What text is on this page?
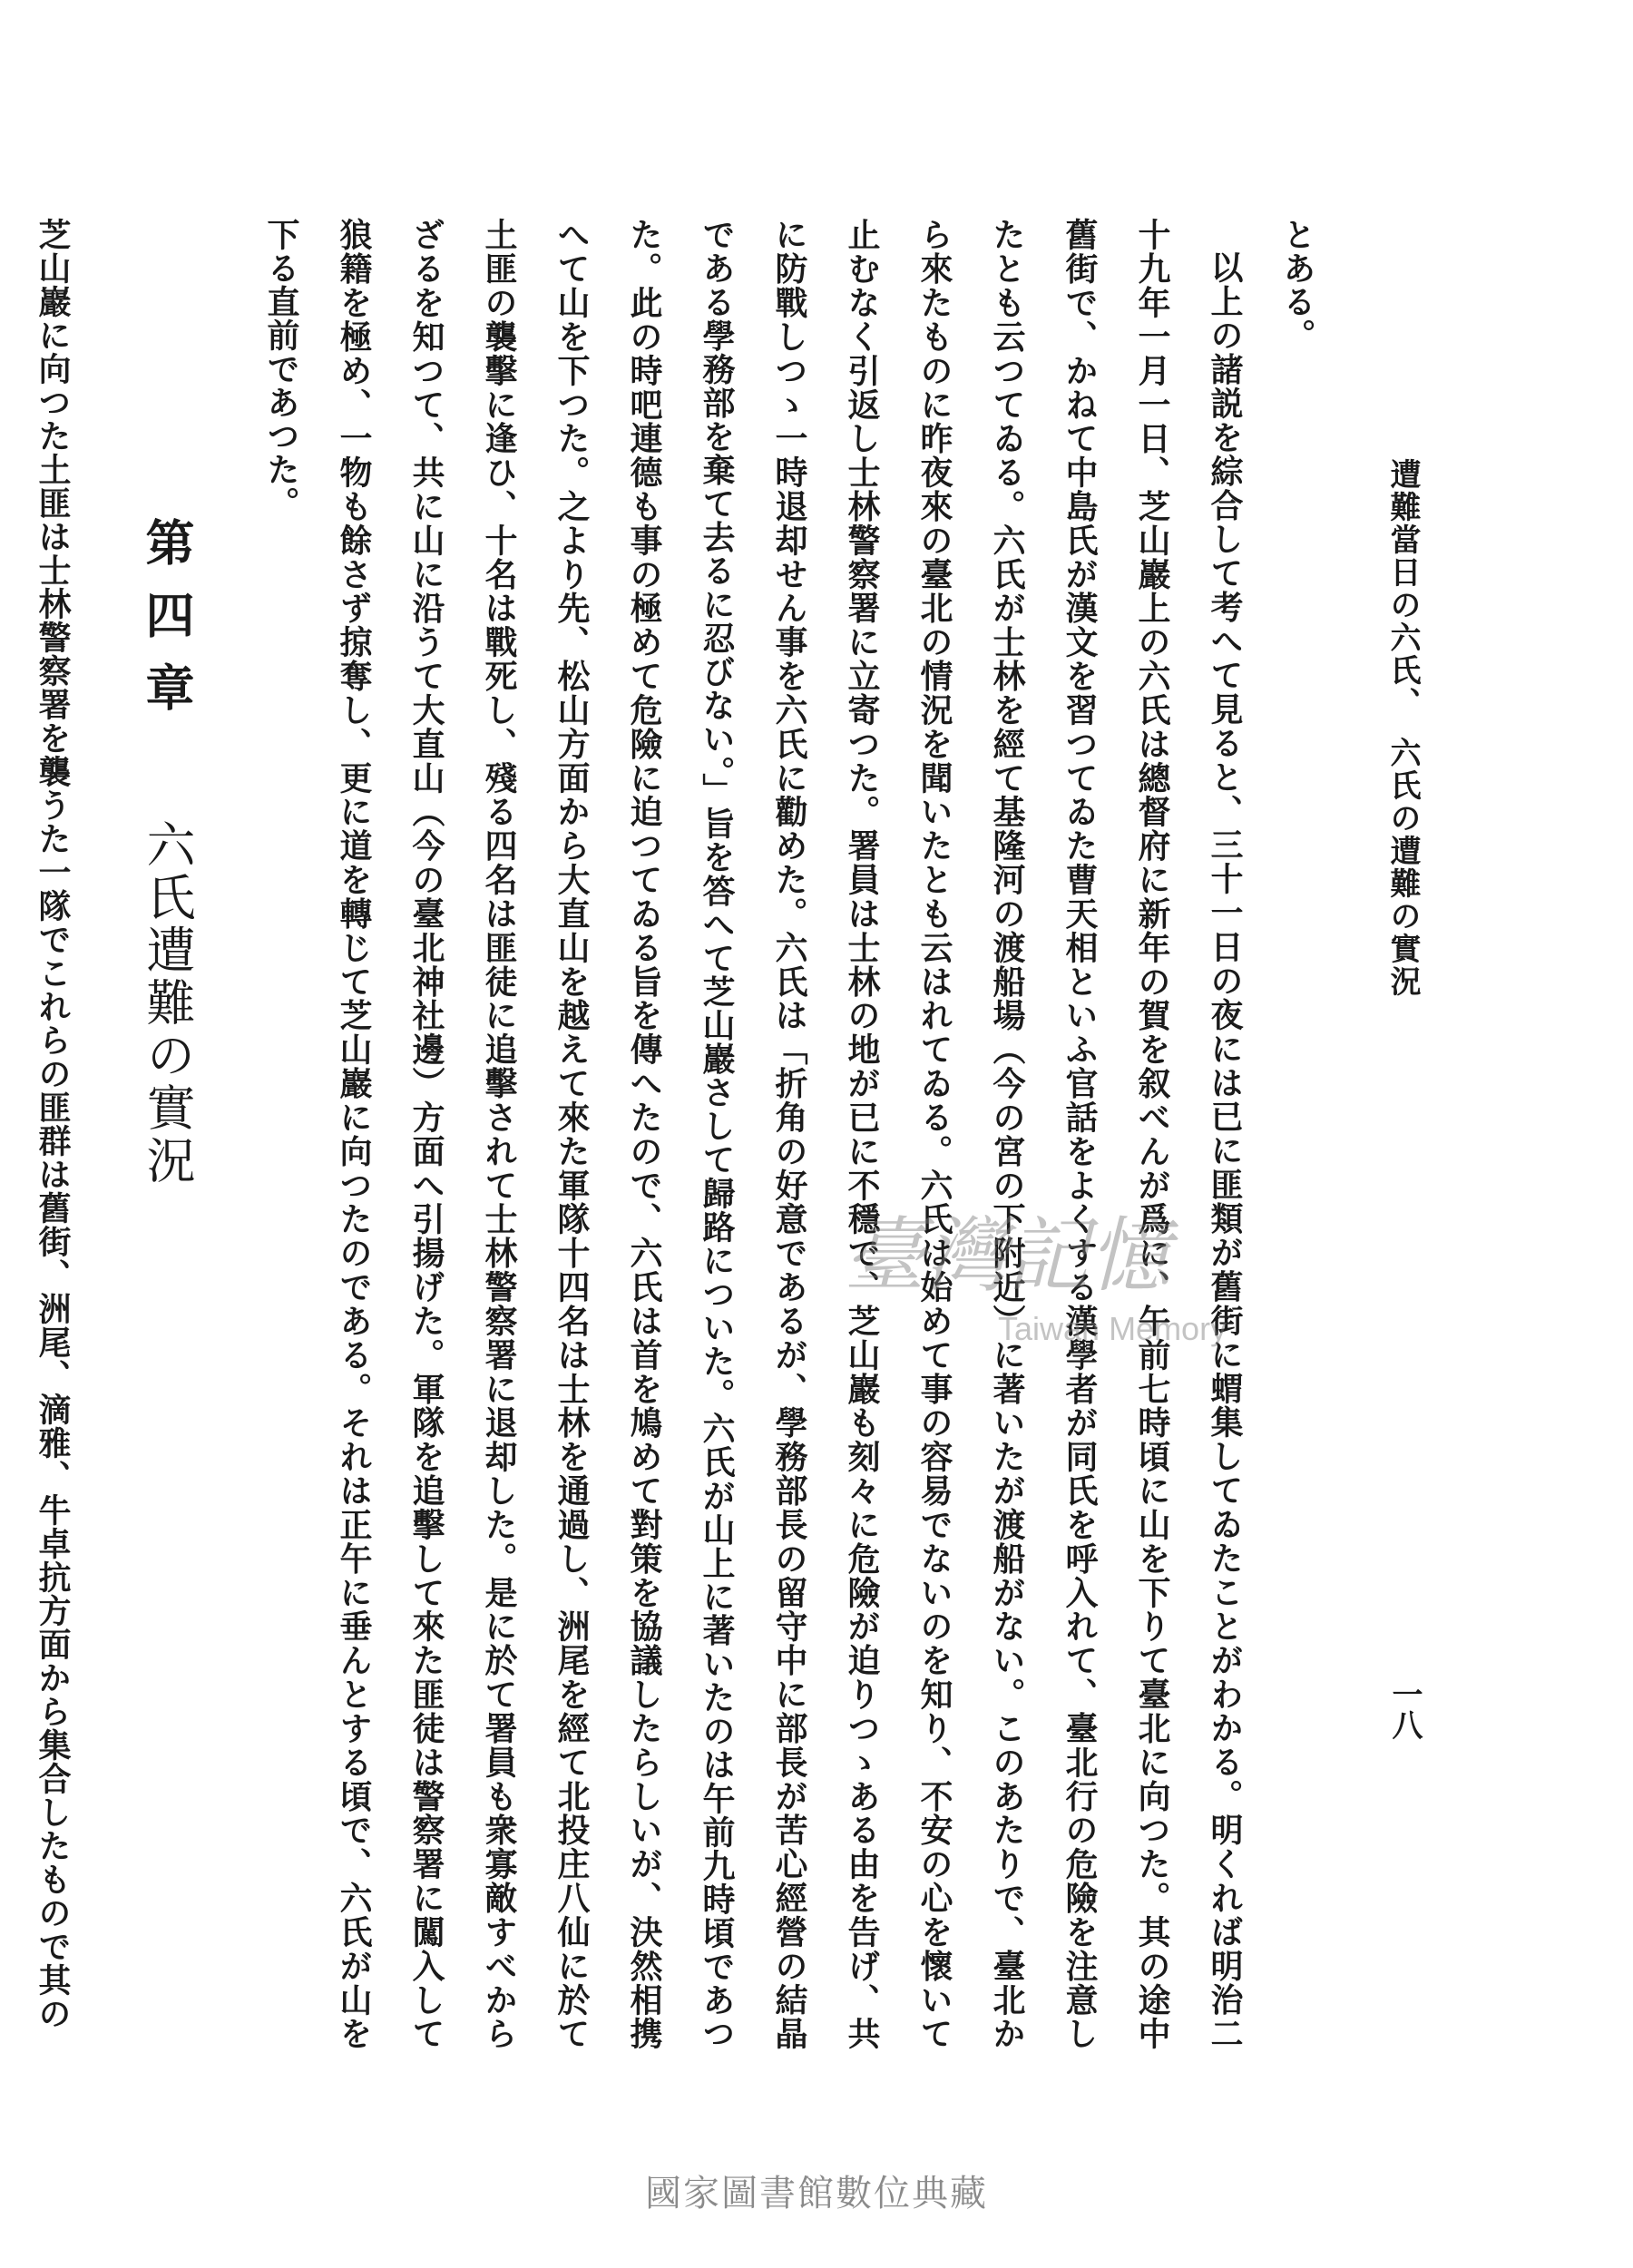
遭難當日の六氏、　六氏の遭難の實況
一八

とある。

以上の諸説を綜合して考へて見ると、三十一日の夜には已に匪類が舊街に蝟集してゐたことがわかる。明くれば明治二十九年一月一日、芝山巖上の六氏は總督府に新年の賀を叙べんが爲に、午前七時頃に山を下りて臺北に向つた。其の途中舊街で、かねて中島氏が漢文を習つてゐた曹天相といふ官話をよくする漢學者が同氏を呼入れて、臺北行の危險を注意したとも云つてゐる。六氏が士林を經て基隆河の渡船場（今の宮の下附近）に著いたが渡船がない。このあたりで、臺北から來たものに昨夜來の臺北の情況を聞いたとも云はれてゐる。六氏は始めて事の容易でないのを知り、不安の心を懷いて止むなく引返し士林警察署に立寄つた。署員は士林の地が已に不穩で、芝山巖も刻々に危險が迫りつゝある由を告げ、共に防戰しつゝ一時退却せん事を六氏に勸めた。六氏は「折角の好意であるが、學務部長の留守中に部長が苦心經營の結晶である學務部を棄て去るに忍びない。」旨を答へて芝山巖さして歸路についた。六氏が山上に著いたのは午前九時頃であつた。此の時吧連德も事の極めて危險に迫つてゐる旨を傳へたので、六氏は首を鳩めて對策を協議したらしいが、決然相携へて山を下つた。之より先、松山方面から大直山を越えて來た軍隊十四名は士林を通過し、洲尾を經て北投庄八仙に於て土匪の襲擊に逢ひ、十名は戰死し、殘る四名は匪徒に追擊されて士林警察署に退却した。是に於て署員も衆寡敵すべからざるを知つて、共に山に沿うて大直山（今の臺北神社邊）方面へ引揚げた。軍隊を追擊して來た匪徒は警察署に闖入して狼籍を極め、一物も餘さず掠奪し、更に道を轉じて芝山巖に向つたのである。それは正午に垂んとする頃で、六氏が山を下る直前であつた。

第四章 六氏遭難の實況

芝山巖に向つた土匪は士林警察署を襲うた一隊でこれらの匪群は舊街、洲尾、滴雅、牛卓抗方面から集合したもので其の	臺灣記憶
Taiwan Memory
國家圖書館數位典藏
